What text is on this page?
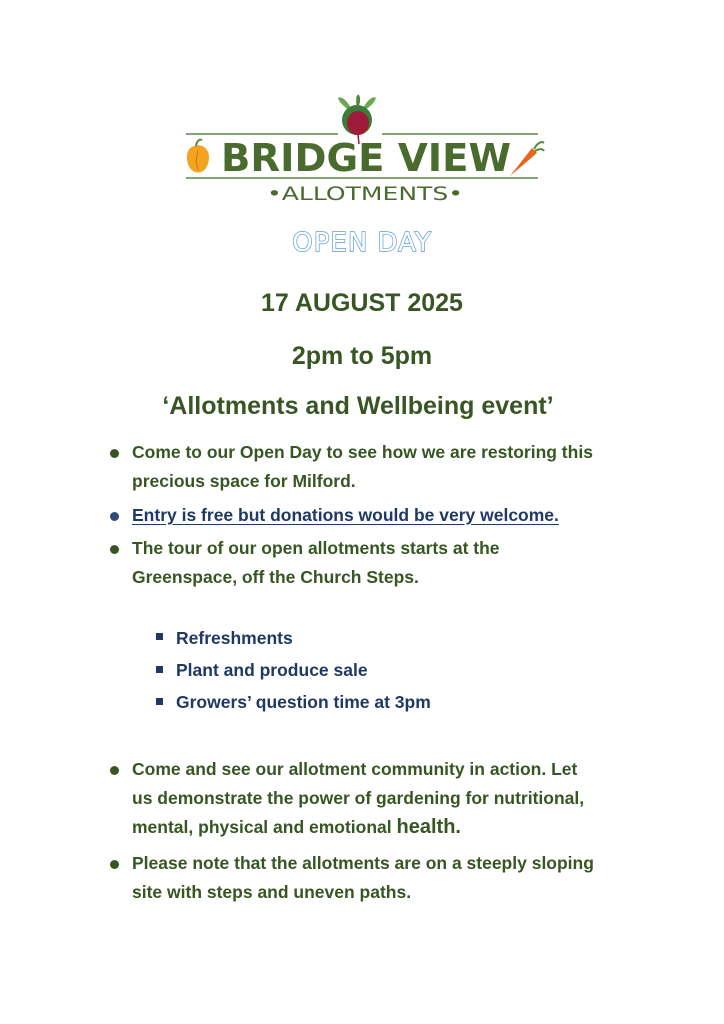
BRIDGE VIEW
•ALLOTMENTS•
OPEN DAY
17 AUGUST 2025
2pm to 5pm
‘Allotments and Wellbeing event’

Come to our Open Day to see how we are restoring this
precious space for Milford.

Entry is free but donations would be very welcome.

The tour of our open allotments starts at the
Greenspace, off the Church Steps.

Refreshments
Plant and produce sale
Growers’ question time at 3pm

Come and see our allotment community in action. Let
us demonstrate the power of gardening for nutritional,
mental, physical and emotional health.

Please note that the allotments are on a steeply sloping
site with steps and uneven paths.
